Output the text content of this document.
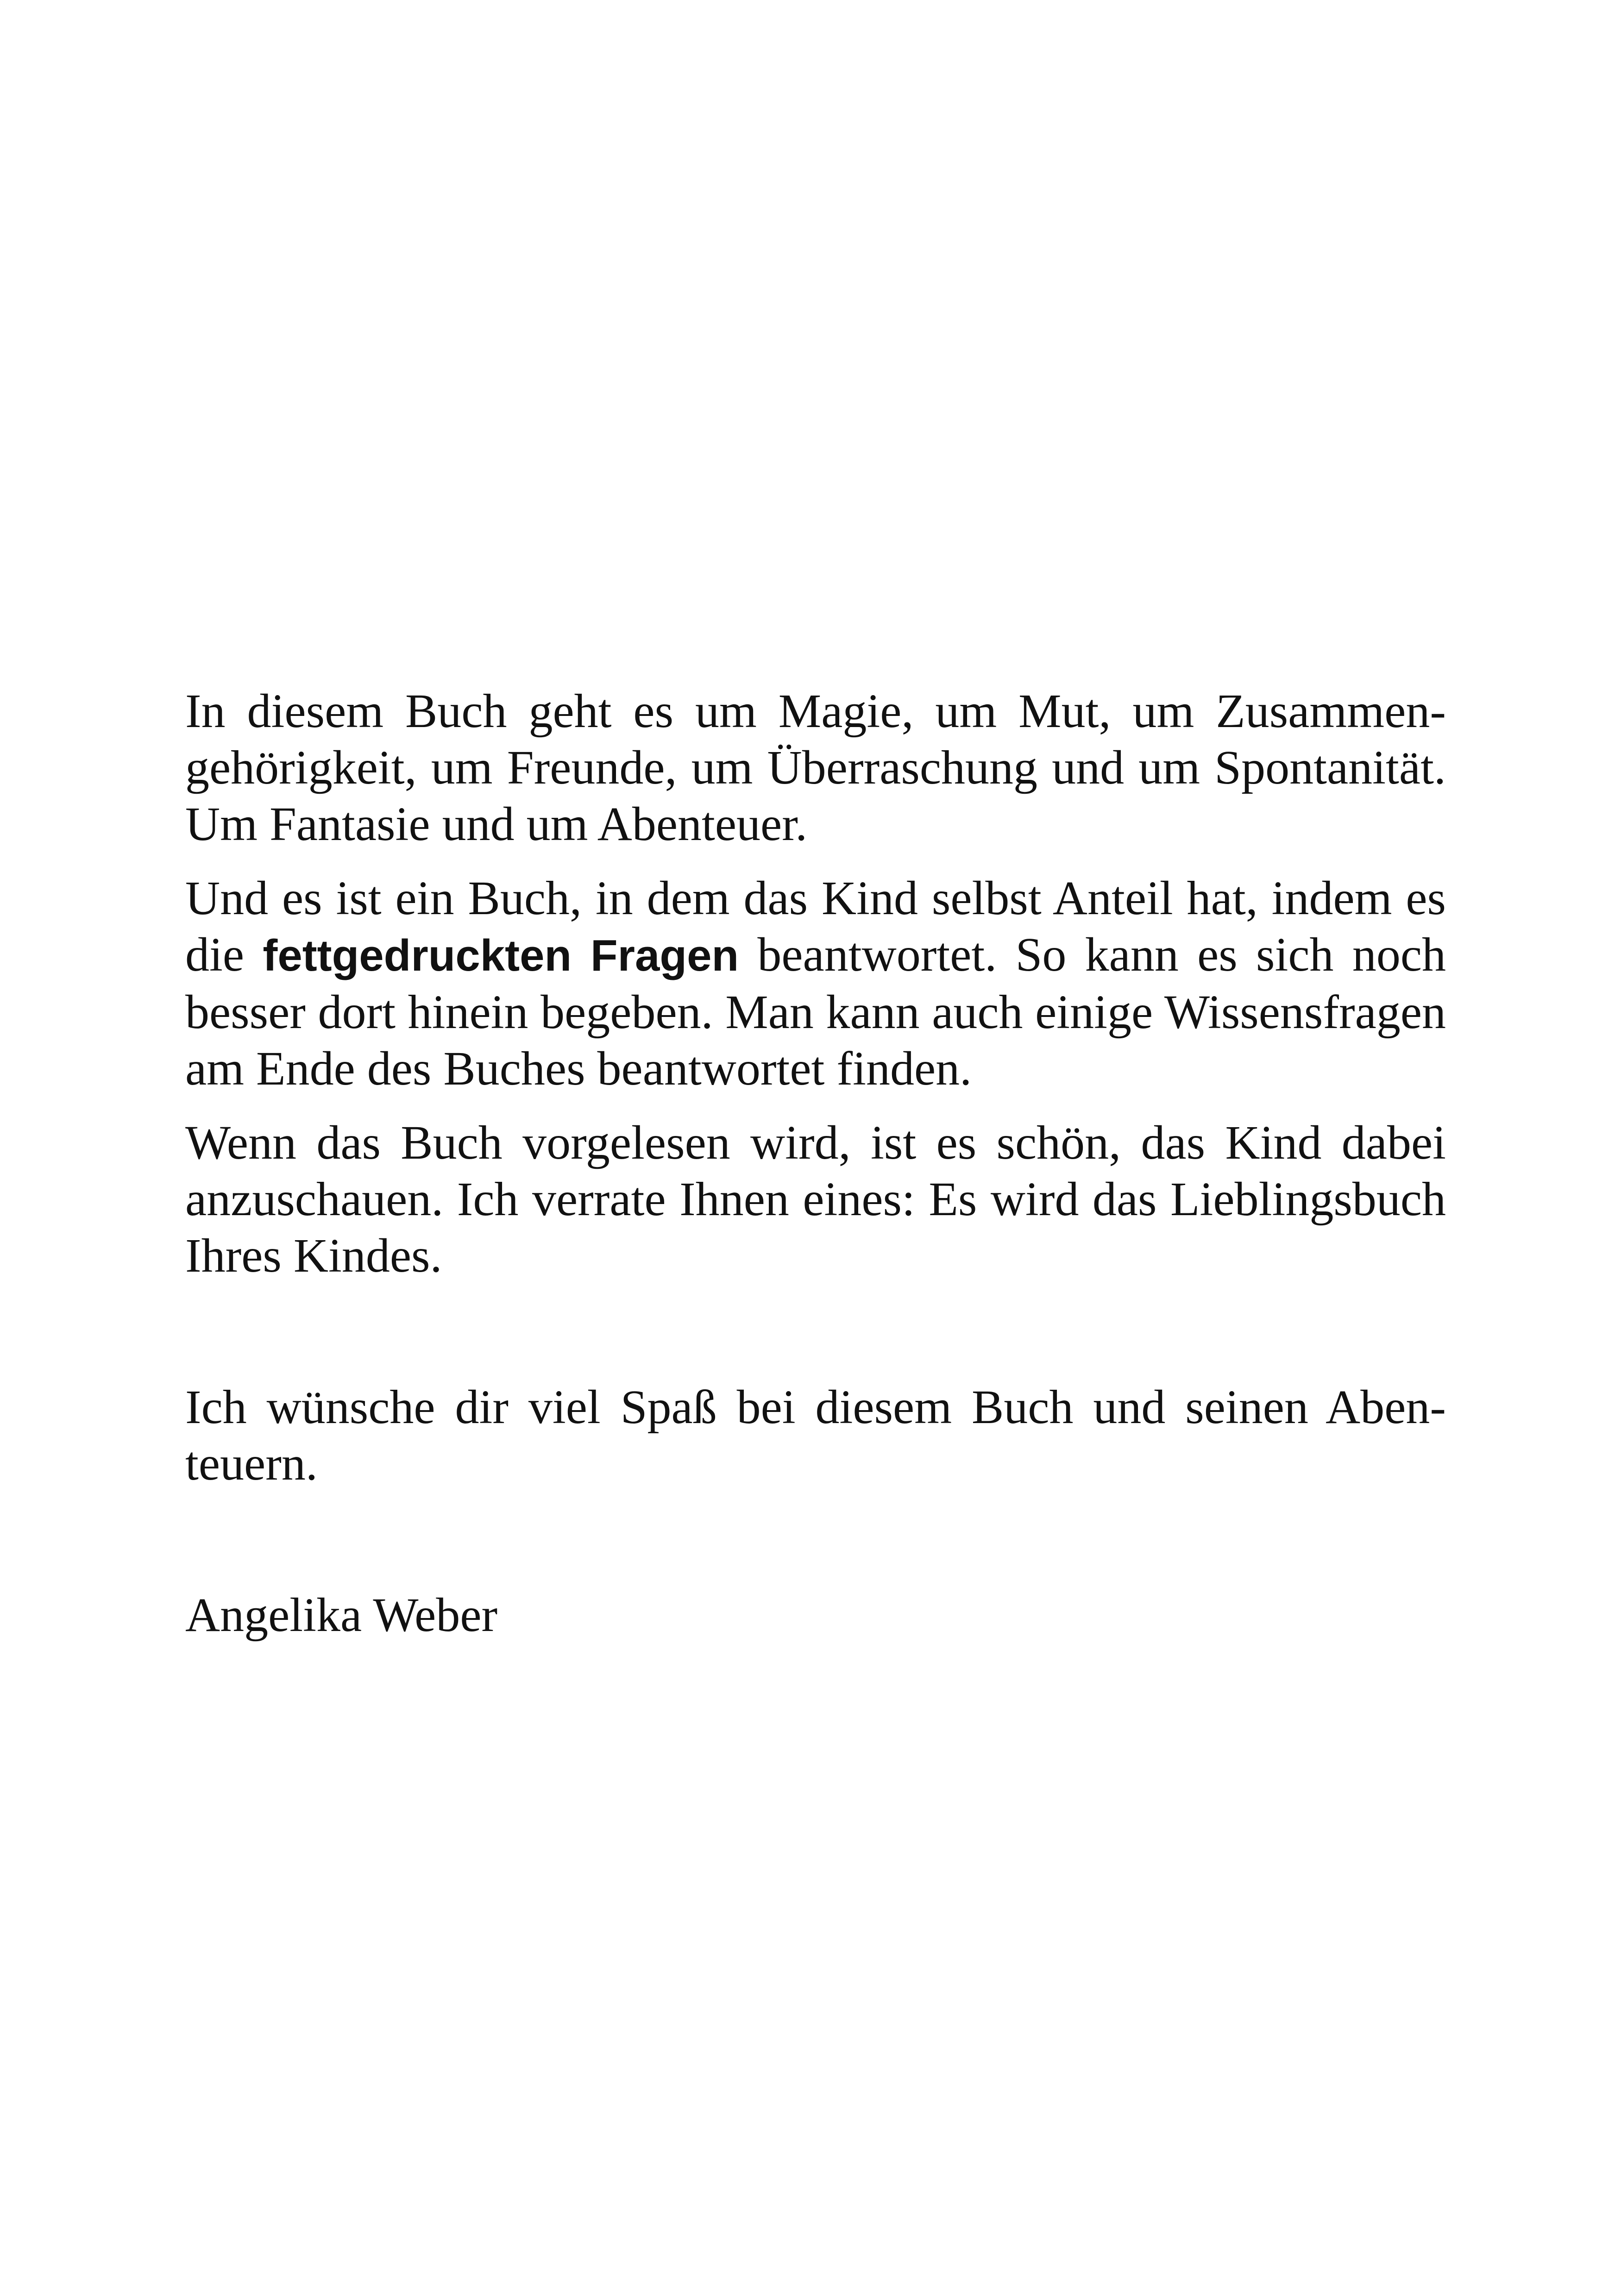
In diesem Buch geht es um Magie, um Mut, um Zusammengehörigkeit, um Freunde, um Überraschung und um Spontanität. Um Fantasie und um Abenteuer.

Und es ist ein Buch, in dem das Kind selbst Anteil hat, indem es die fettgedruckten Fragen beantwortet. So kann es sich noch besser dort hinein begeben. Man kann auch einige Wissensfragen am Ende des Buches beantwortet finden.

Wenn das Buch vorgelesen wird, ist es schön, das Kind dabei anzuschauen. Ich verrate Ihnen eines: Es wird das Lieblingsbuch Ihres Kindes.

Ich wünsche dir viel Spaß bei diesem Buch und seinen Abenteuern.

Angelika Weber
